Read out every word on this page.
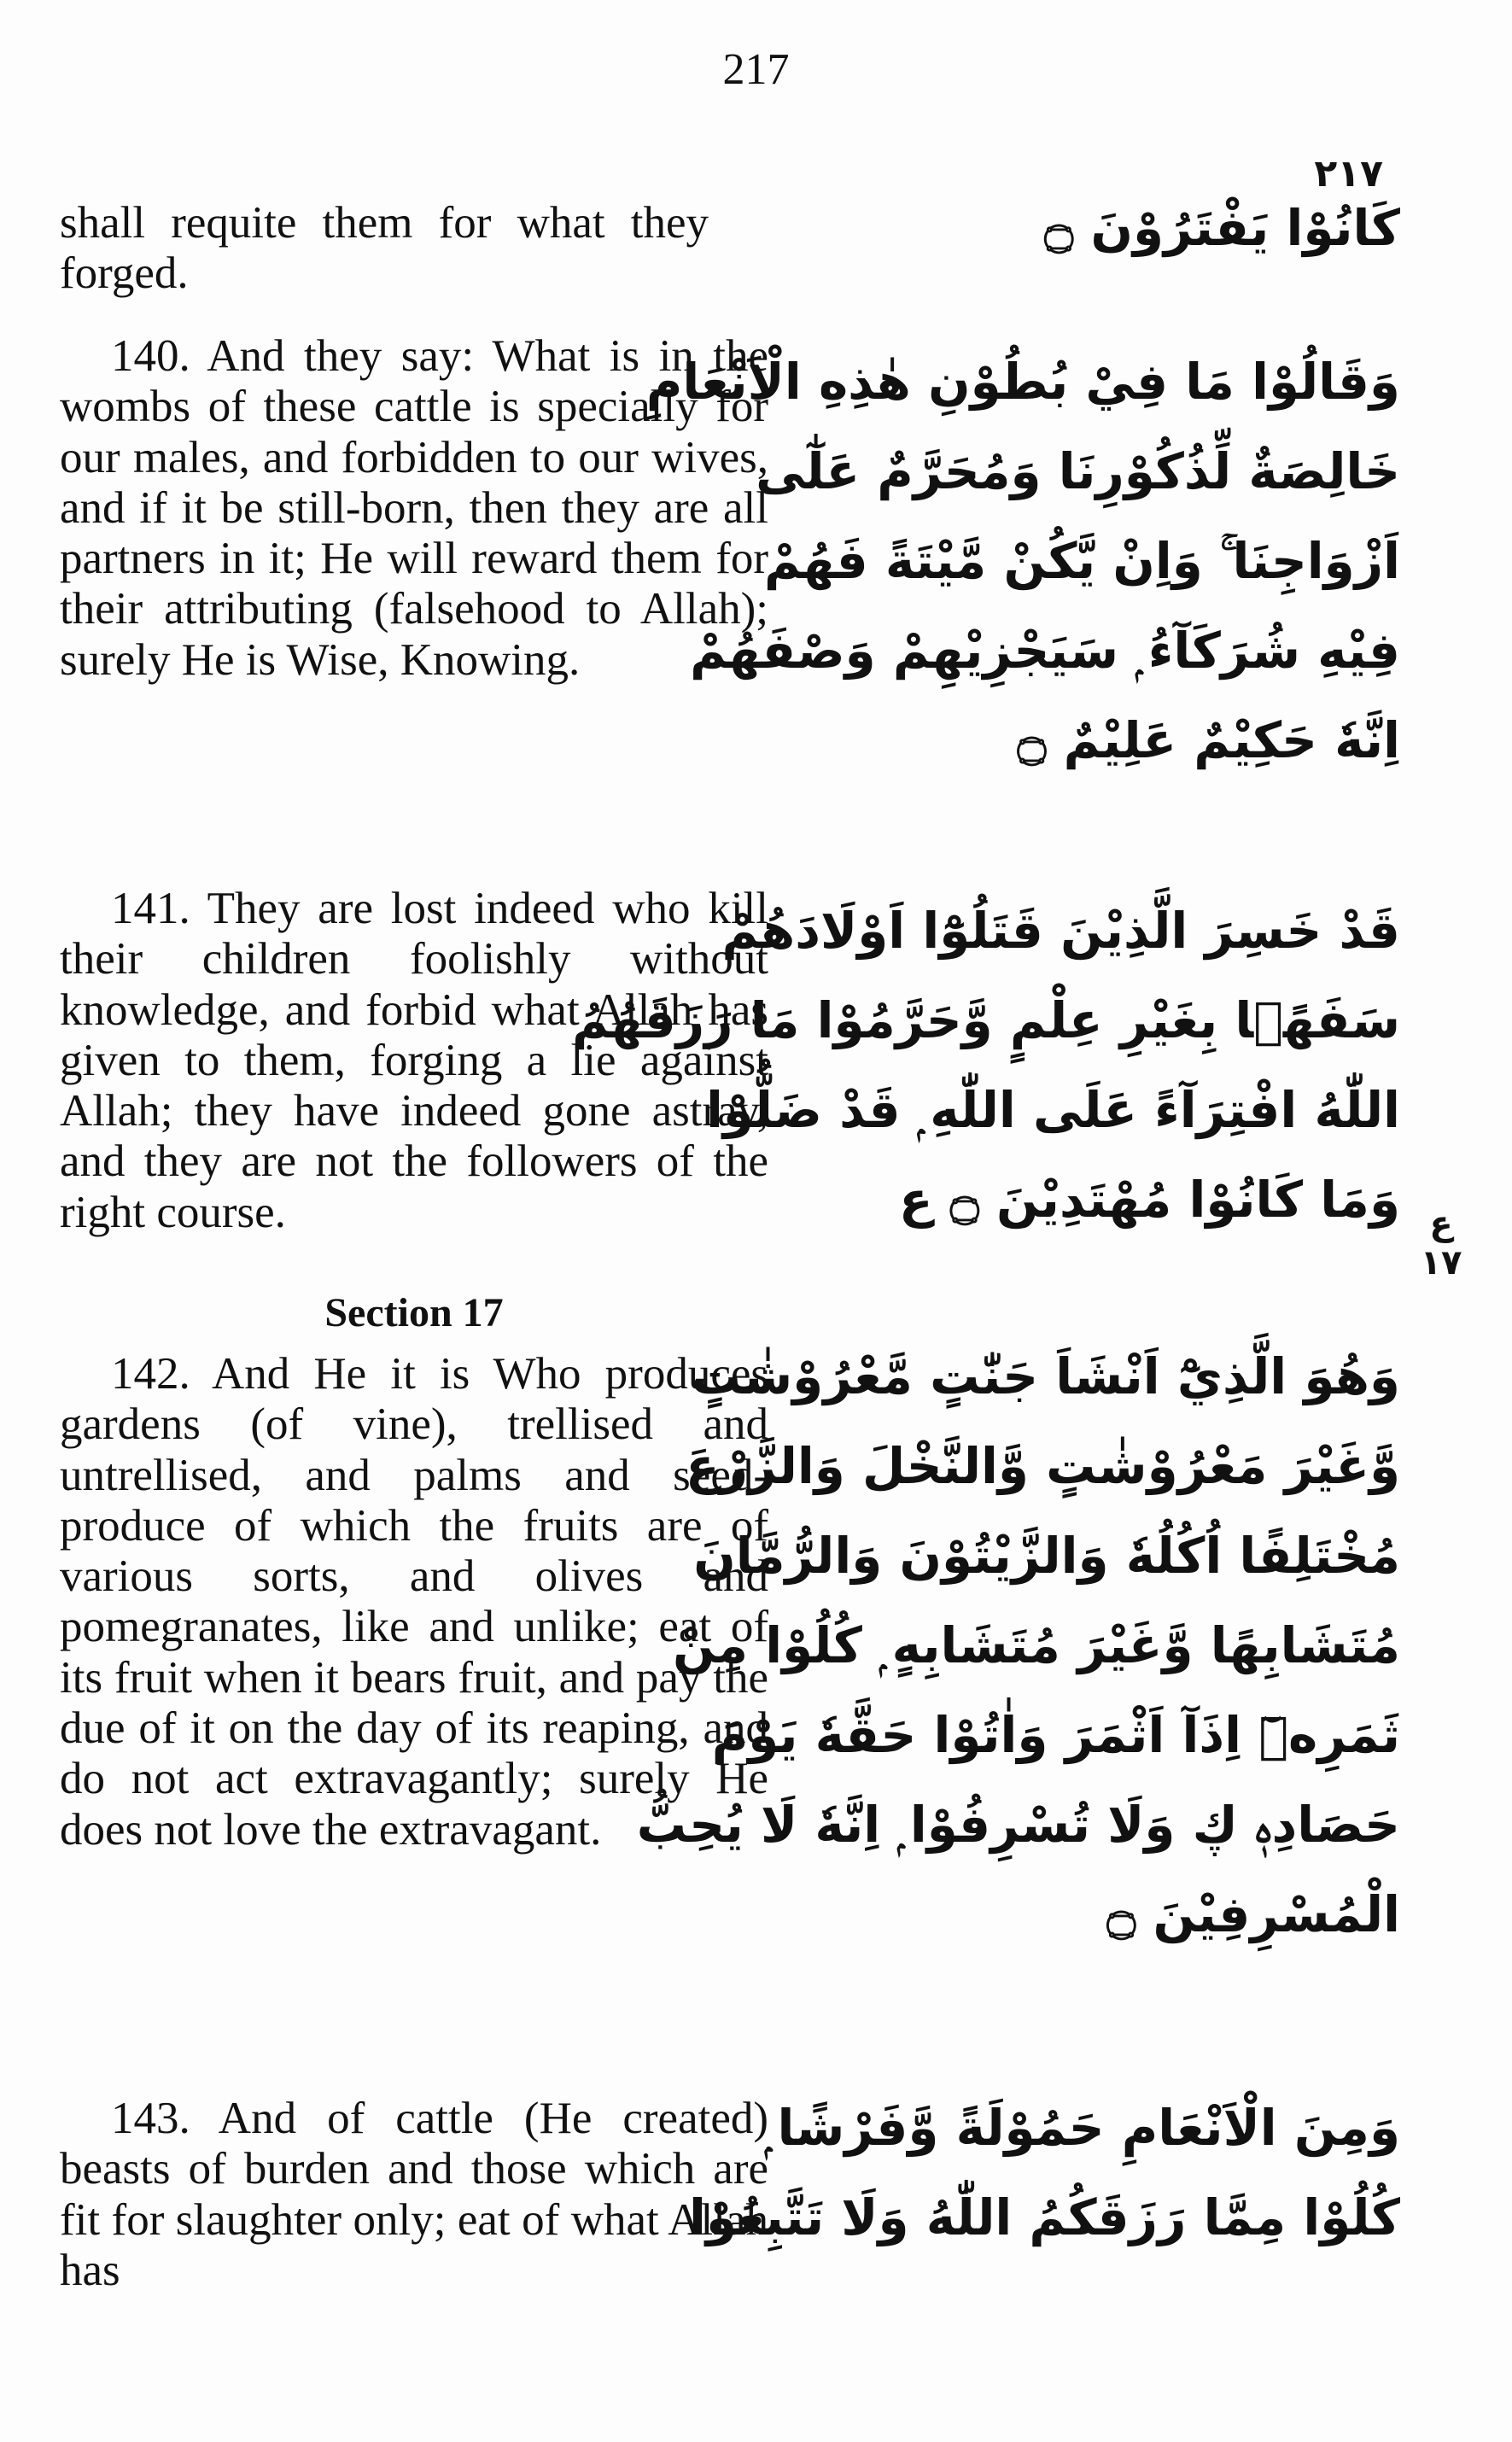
217
٢١٧

shall requite them for what they forged.

140. And they say: What is in the wombs of these cattle is specially for our males, and forbidden to our wives, and if it be still-born, then they are all partners in it; He will reward them for their attributing (falsehood to Allah); surely He is Wise, Knowing.

141. They are lost indeed who kill their children foolishly without knowledge, and forbid what Allah has given to them, forging a lie against Allah; they have indeed gone astray, and they are not the followers of the right course.

Section 17

142. And He it is Who produces gardens (of vine), trellised and untrellised, and palms and seed-produce of which the fruits are of various sorts, and olives and pomegranates, like and unlike; eat of its fruit when it bears fruit, and pay the due of it on the day of its reaping, and do not act extravagantly; surely He does not love the extravagant.

143. And of cattle (He created) beasts of burden and those which are fit for slaughter only; eat of what Allah has

كَانُوْا يَفْتَرُوْنَ ۝
وَقَالُوْا مَا فِيْ بُطُوْنِ هٰذِهِ الْاَنْعَامِ
خَالِصَةٌ لِّذُكُوْرِنَا وَمُحَرَّمٌ عَلٰٓى
اَزْوَاجِنَا ۚ وَاِنْ يَّكُنْ مَّيْتَةً فَهُمْ
فِيْهِ شُرَكَآءُ ۭ سَيَجْزِيْهِمْ وَصْفَهُمْ
اِنَّهٗ حَكِيْمٌ عَلِيْمٌ ۝
قَدْ خَسِرَ الَّذِيْنَ قَتَلُوْٓا اَوْلَادَهُمْ
سَفَهًۢا بِغَيْرِ عِلْمٍ وَّحَرَّمُوْا مَا رَزَقَهُمُ
اللّٰهُ افْتِرَآءً عَلَى اللّٰهِ ۭ قَدْ ضَلُّوْا
وَمَا كَانُوْا مُهْتَدِيْنَ ۝ ع ع ١٧
وَهُوَ الَّذِيْٓ اَنْشَاَ جَنّٰتٍ مَّعْرُوْشٰتٍ
وَّغَيْرَ مَعْرُوْشٰتٍ وَّالنَّخْلَ وَالزَّرْعَ
مُخْتَلِفًا اُكُلُهٗ وَالزَّيْتُوْنَ وَالرُّمَّانَ
مُتَشَابِهًا وَّغَيْرَ مُتَشَابِهٍ ۭ كُلُوْا مِنْ
ثَمَرِهٖٓ اِذَآ اَثْمَرَ وَاٰتُوْا حَقَّهٗ يَوْمَ
حَصَادِهٖ ڮ وَلَا تُسْرِفُوْا ۭ اِنَّهٗ لَا يُحِبُّ
الْمُسْرِفِيْنَ ۝
وَمِنَ الْاَنْعَامِ حَمُوْلَةً وَّفَرْشًا ۭ
كُلُوْا مِمَّا رَزَقَكُمُ اللّٰهُ وَلَا تَتَّبِعُوْا
